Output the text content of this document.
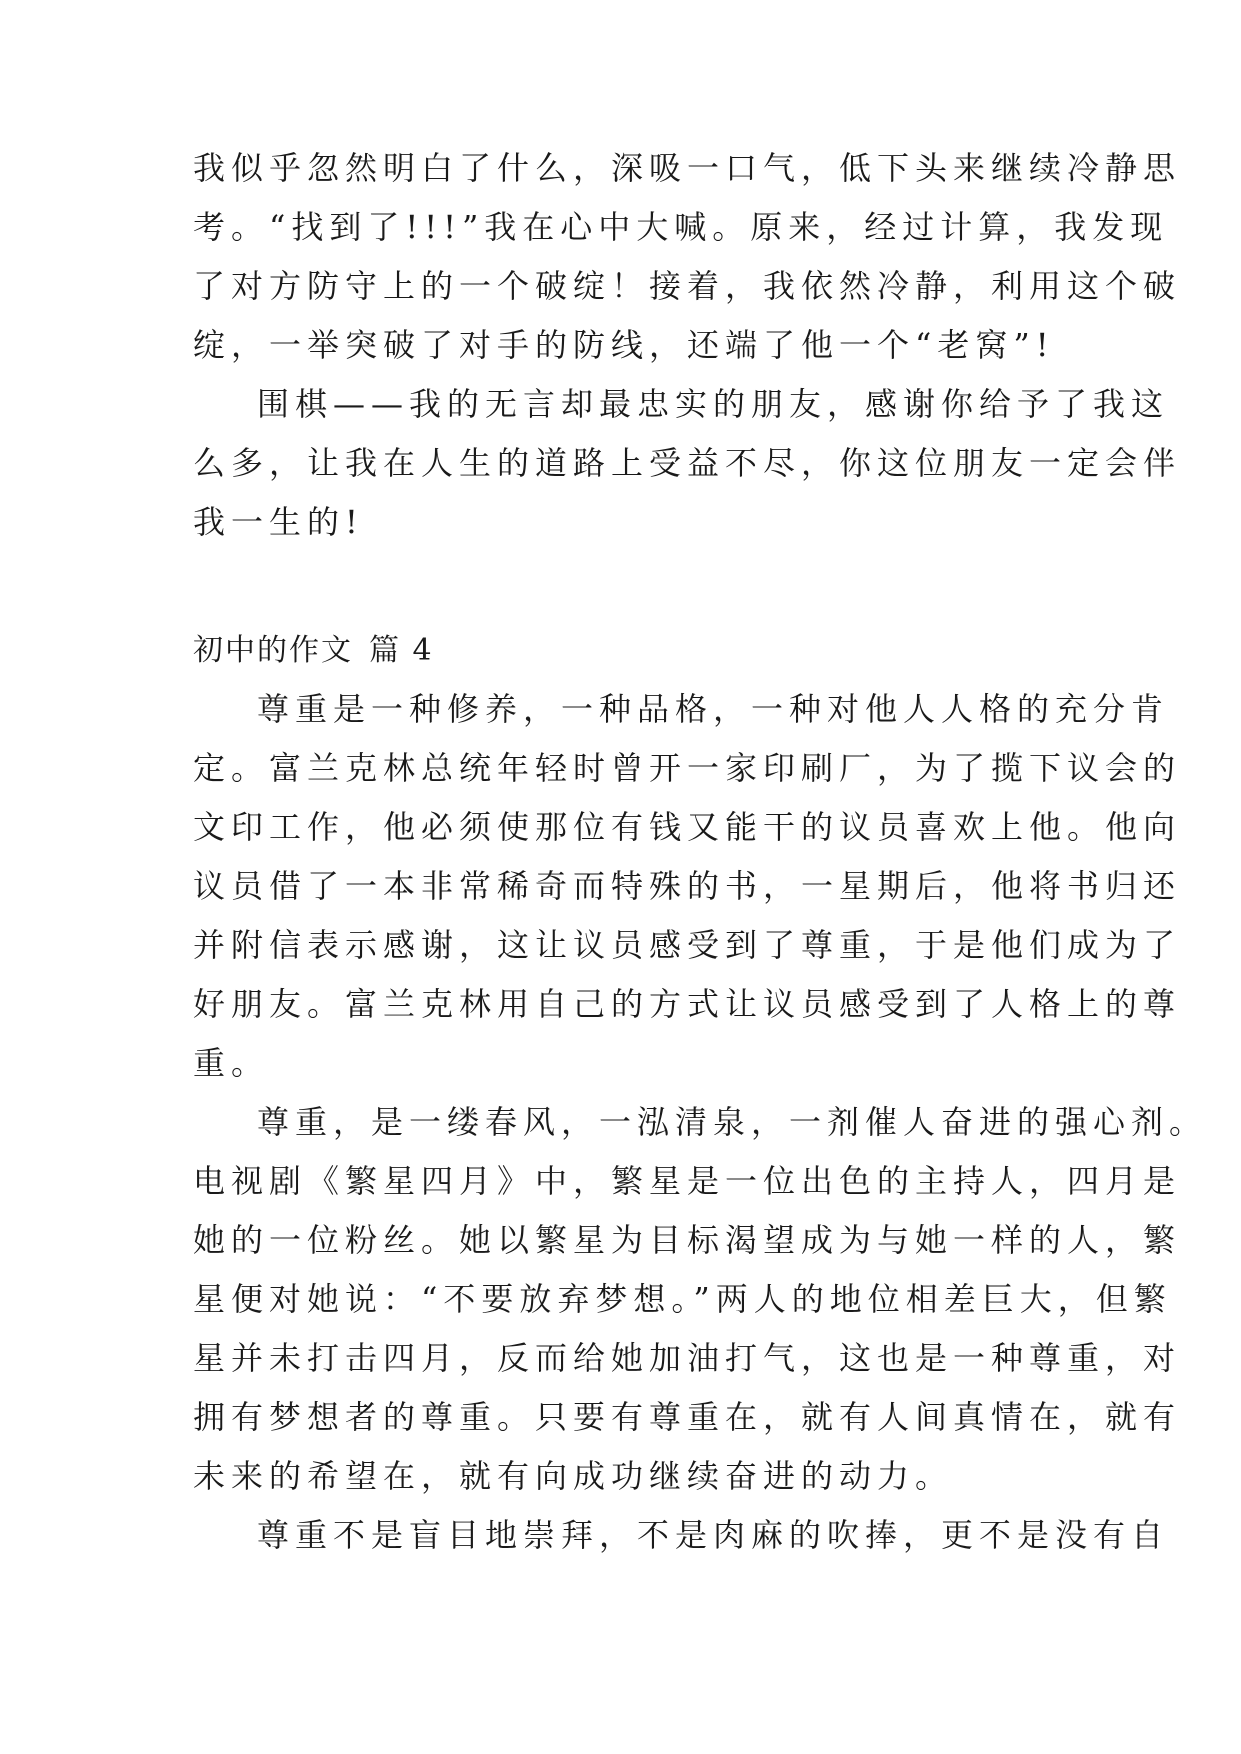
我似乎忽然明白了什么，深吸一口气，低下头来继续冷静思
考。“找到了!!!”我在心中大喊。原来，经过计算，我发现
了对方防守上的一个破绽！接着，我依然冷静，利用这个破
绽，一举突破了对手的防线，还端了他一个“老窝”!
围棋——我的无言却最忠实的朋友，感谢你给予了我这
么多，让我在人生的道路上受益不尽，你这位朋友一定会伴
我一生的!
初中的作文 篇 4
尊重是一种修养，一种品格，一种对他人人格的充分肯
定。富兰克林总统年轻时曾开一家印刷厂，为了揽下议会的
文印工作，他必须使那位有钱又能干的议员喜欢上他。他向
议员借了一本非常稀奇而特殊的书，一星期后，他将书归还
并附信表示感谢，这让议员感受到了尊重，于是他们成为了
好朋友。富兰克林用自己的方式让议员感受到了人格上的尊
重。
尊重，是一缕春风，一泓清泉，一剂催人奋进的强心剂。
电视剧《繁星四月》中，繁星是一位出色的主持人，四月是
她的一位粉丝。她以繁星为目标渴望成为与她一样的人，繁
星便对她说：“不要放弃梦想。”两人的地位相差巨大，但繁
星并未打击四月，反而给她加油打气，这也是一种尊重，对
拥有梦想者的尊重。只要有尊重在，就有人间真情在，就有
未来的希望在，就有向成功继续奋进的动力。
尊重不是盲目地崇拜，不是肉麻的吹捧，更不是没有自
